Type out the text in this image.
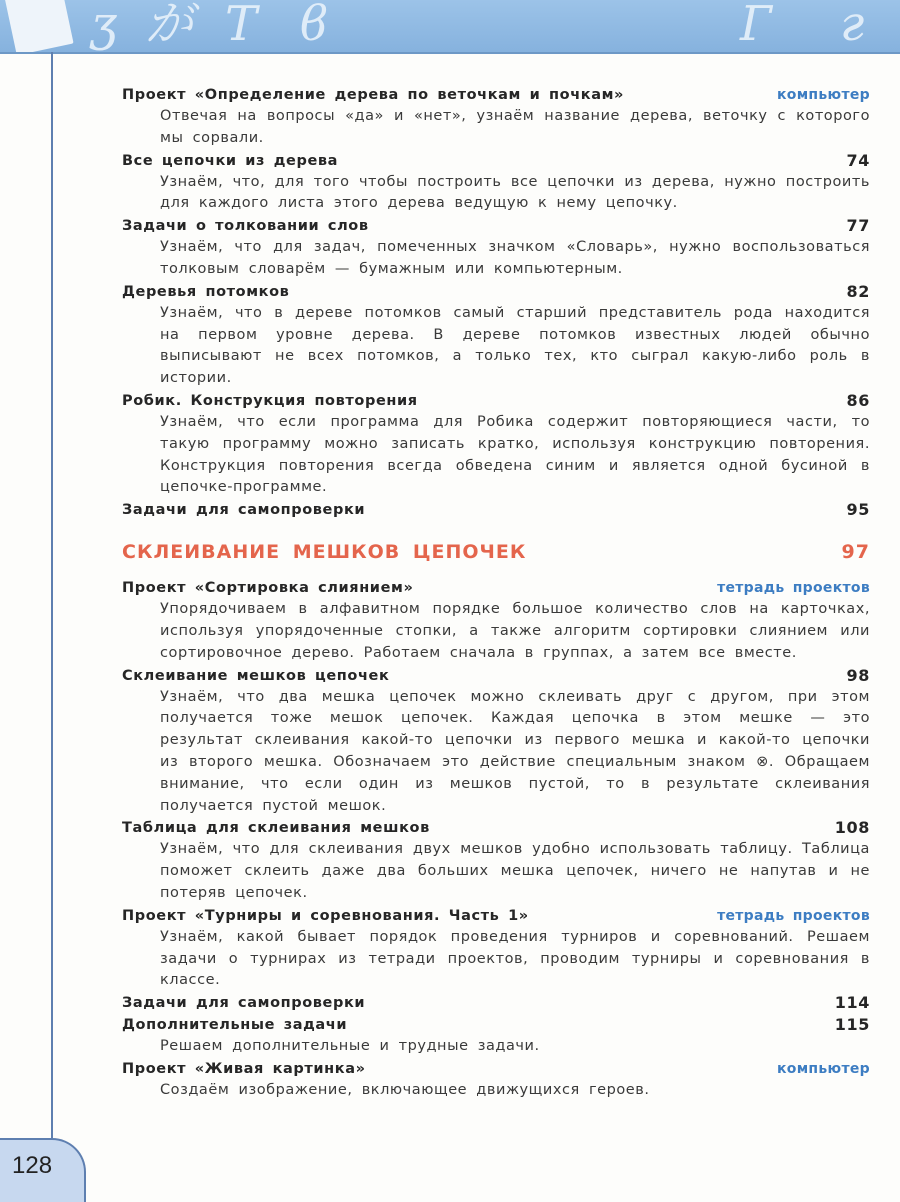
ʒ が T ϐ	Г г
128
Проект «Определение дерева по веточкам и почкам»	компьютер
Отвечая на вопросы «да» и «нет», узнаём название дерева, веточку с которого мы сорвали.
Все цепочки из дерева	74
Узнаём, что, для того чтобы построить все цепочки из дерева, нужно построить для каждого листа этого дерева ведущую к нему цепочку.
Задачи о толковании слов	77
Узнаём, что для задач, помеченных значком «Словарь», нужно воспользоваться толковым словарём — бумажным или компьютерным.
Деревья потомков	82
Узнаём, что в дереве потомков самый старший представитель рода находится на первом уровне дерева. В дереве потомков известных людей обычно выписывают не всех потомков, а только тех, кто сыграл какую-либо роль в истории.
Робик. Конструкция повторения	86
Узнаём, что если программа для Робика содержит повторяющиеся части, то такую программу можно записать кратко, используя конструкцию повторения. Конструкция повторения всегда обведена синим и является одной бусиной в цепочке-программе.
Задачи для самопроверки	95
СКЛЕИВАНИЕ МЕШКОВ ЦЕПОЧЕК	97
Проект «Сортировка слиянием»	тетрадь проектов
Упорядочиваем в алфавитном порядке большое количество слов на карточках, используя упорядоченные стопки, а также алгоритм сортировки слиянием или сортировочное дерево. Работаем сначала в группах, а затем все вместе.
Склеивание мешков цепочек	98
Узнаём, что два мешка цепочек можно склеивать друг с другом, при этом получается тоже мешок цепочек. Каждая цепочка в этом мешке — это результат склеивания какой-то цепочки из первого мешка и какой-то цепочки из второго мешка. Обозначаем это действие специальным знаком ⊗. Обращаем внимание, что если один из мешков пустой, то в результате склеивания получается пустой мешок.
Таблица для склеивания мешков	108
Узнаём, что для склеивания двух мешков удобно использовать таблицу. Таблица поможет склеить даже два больших мешка цепочек, ничего не напутав и не потеряв цепочек.
Проект «Турниры и соревнования. Часть 1»	тетрадь проектов
Узнаём, какой бывает порядок проведения турниров и соревнований. Решаем задачи о турнирах из тетради проектов, проводим турниры и соревнования в классе.
Задачи для самопроверки	114
Дополнительные задачи	115
Решаем дополнительные и трудные задачи.
Проект «Живая картинка»	компьютер
Создаём изображение, включающее движущихся героев.
